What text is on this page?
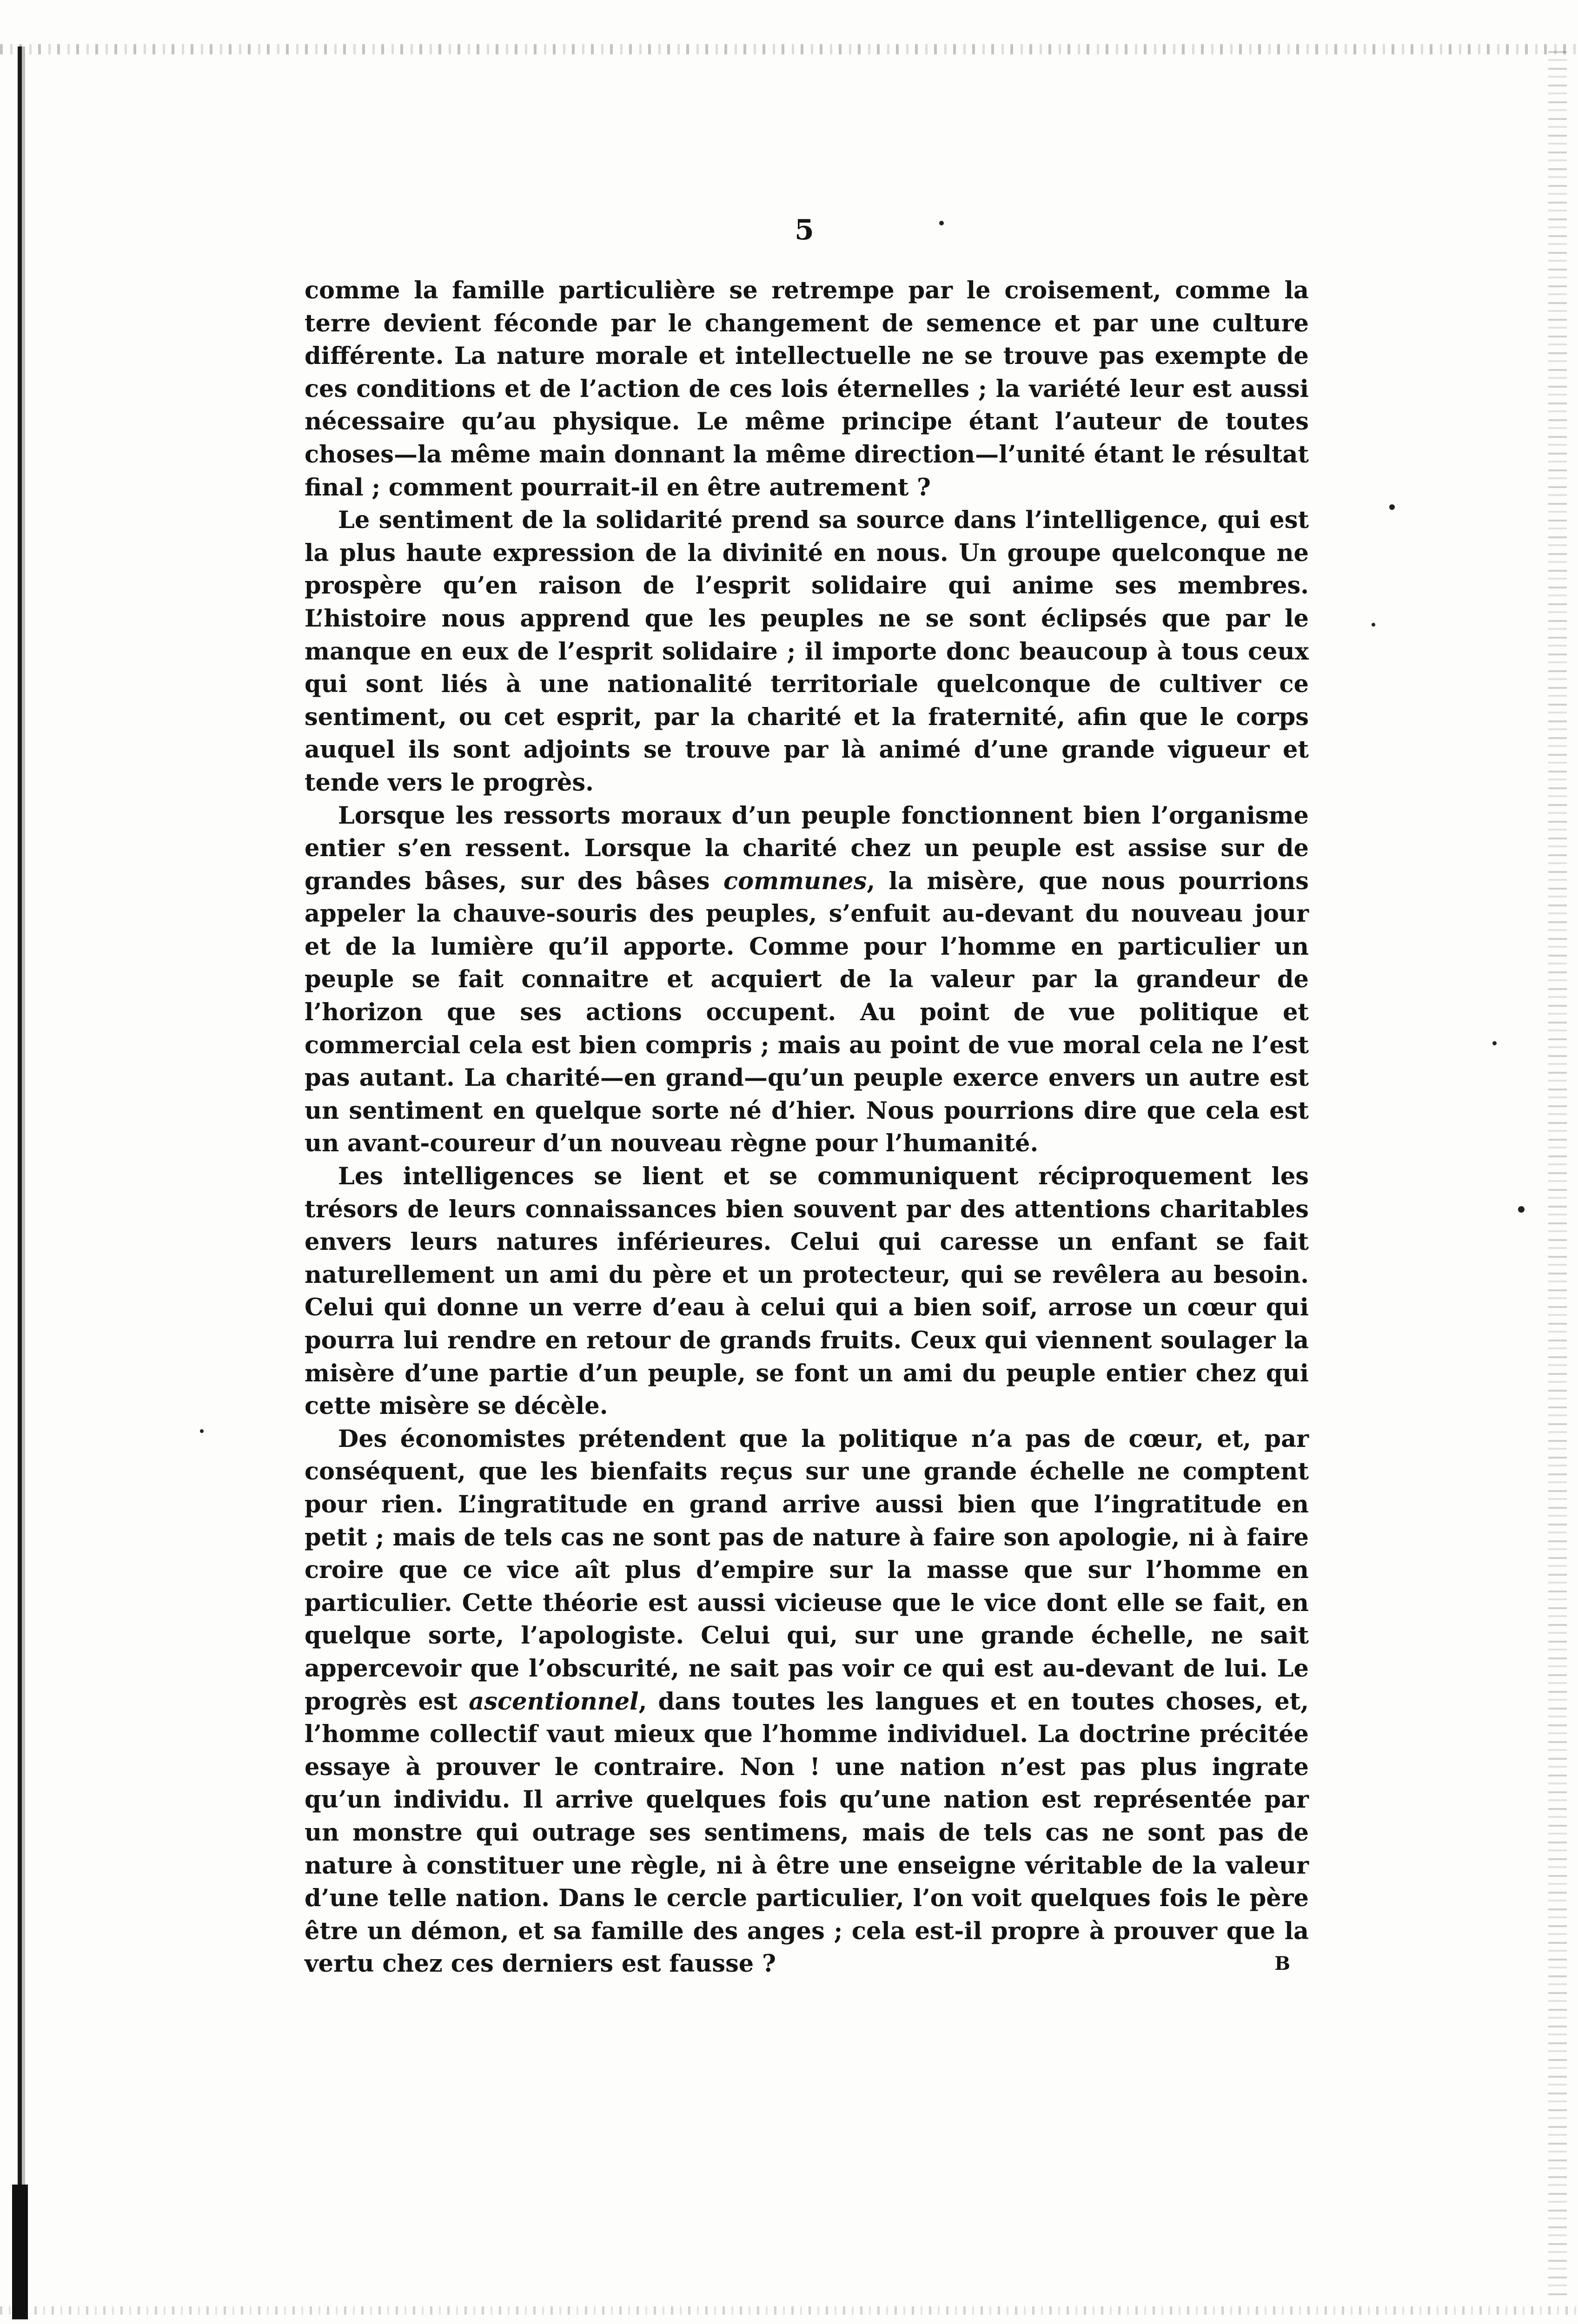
5

comme la famille particulière se retrempe par le croisement, comme la terre devient féconde par le changement de semence et par une culture différente. La nature morale et intellectuelle ne se trouve pas exempte de ces conditions et de l’action de ces lois éternelles ; la variété leur est aussi nécessaire qu’au physique. Le même principe étant l’auteur de toutes choses—la même main donnant la même direction—l’unité étant le résultat final ; comment pourrait-il en être autrement ?

Le sentiment de la solidarité prend sa source dans l’intelligence, qui est la plus haute expression de la divinité en nous. Un groupe quelconque ne prospère qu’en raison de l’esprit solidaire qui anime ses membres. L’histoire nous apprend que les peuples ne se sont éclipsés que par le manque en eux de l’esprit solidaire ; il importe donc beaucoup à tous ceux qui sont liés à une nationalité territoriale quelconque de cultiver ce sentiment, ou cet esprit, par la charité et la fraternité, afin que le corps auquel ils sont adjoints se trouve par là animé d’une grande vigueur et tende vers le progrès.

Lorsque les ressorts moraux d’un peuple fonctionnent bien l’organisme entier s’en ressent. Lorsque la charité chez un peuple est assise sur de grandes bâses, sur des bâses communes, la misère, que nous pourrions appeler la chauve-souris des peuples, s’enfuit au-devant du nouveau jour et de la lumière qu’il apporte. Comme pour l’homme en particulier un peuple se fait connaitre et acquiert de la valeur par la grandeur de l’horizon que ses actions occupent. Au point de vue politique et commercial cela est bien compris ; mais au point de vue moral cela ne l’est pas autant. La charité—en grand—qu’un peuple exerce envers un autre est un sentiment en quelque sorte né d’hier. Nous pourrions dire que cela est un avant-coureur d’un nouveau règne pour l’humanité.

Les intelligences se lient et se communiquent réciproquement les trésors de leurs connaissances bien souvent par des attentions charitables envers leurs natures inférieures. Celui qui caresse un enfant se fait naturellement un ami du père et un protecteur, qui se revêlera au besoin. Celui qui donne un verre d’eau à celui qui a bien soif, arrose un cœur qui pourra lui rendre en retour de grands fruits. Ceux qui viennent soulager la misère d’une partie d’un peuple, se font un ami du peuple entier chez qui cette misère se décèle.

Des économistes prétendent que la politique n’a pas de cœur, et, par conséquent, que les bienfaits reçus sur une grande échelle ne comptent pour rien. L’ingratitude en grand arrive aussi bien que l’ingratitude en petit ; mais de tels cas ne sont pas de nature à faire son apologie, ni à faire croire que ce vice aît plus d’empire sur la masse que sur l’homme en particulier. Cette théorie est aussi vicieuse que le vice dont elle se fait, en quelque sorte, l’apologiste. Celui qui, sur une grande échelle, ne sait appercevoir que l’obscurité, ne sait pas voir ce qui est au-devant de lui. Le progrès est ascentionnel, dans toutes les langues et en toutes choses, et, l’homme collectif vaut mieux que l’homme individuel. La doctrine précitée essaye à prouver le contraire. Non ! une nation n’est pas plus ingrate qu’un individu. Il arrive quelques fois qu’une nation est représentée par un monstre qui outrage ses sentimens, mais de tels cas ne sont pas de nature à constituer une règle, ni à être une enseigne véritable de la valeur d’une telle nation. Dans le cercle particulier, l’on voit quelques fois le père être un démon, et sa famille des anges ; cela est-il propre à prouver que la vertu chez ces derniers est fausse ?	B
